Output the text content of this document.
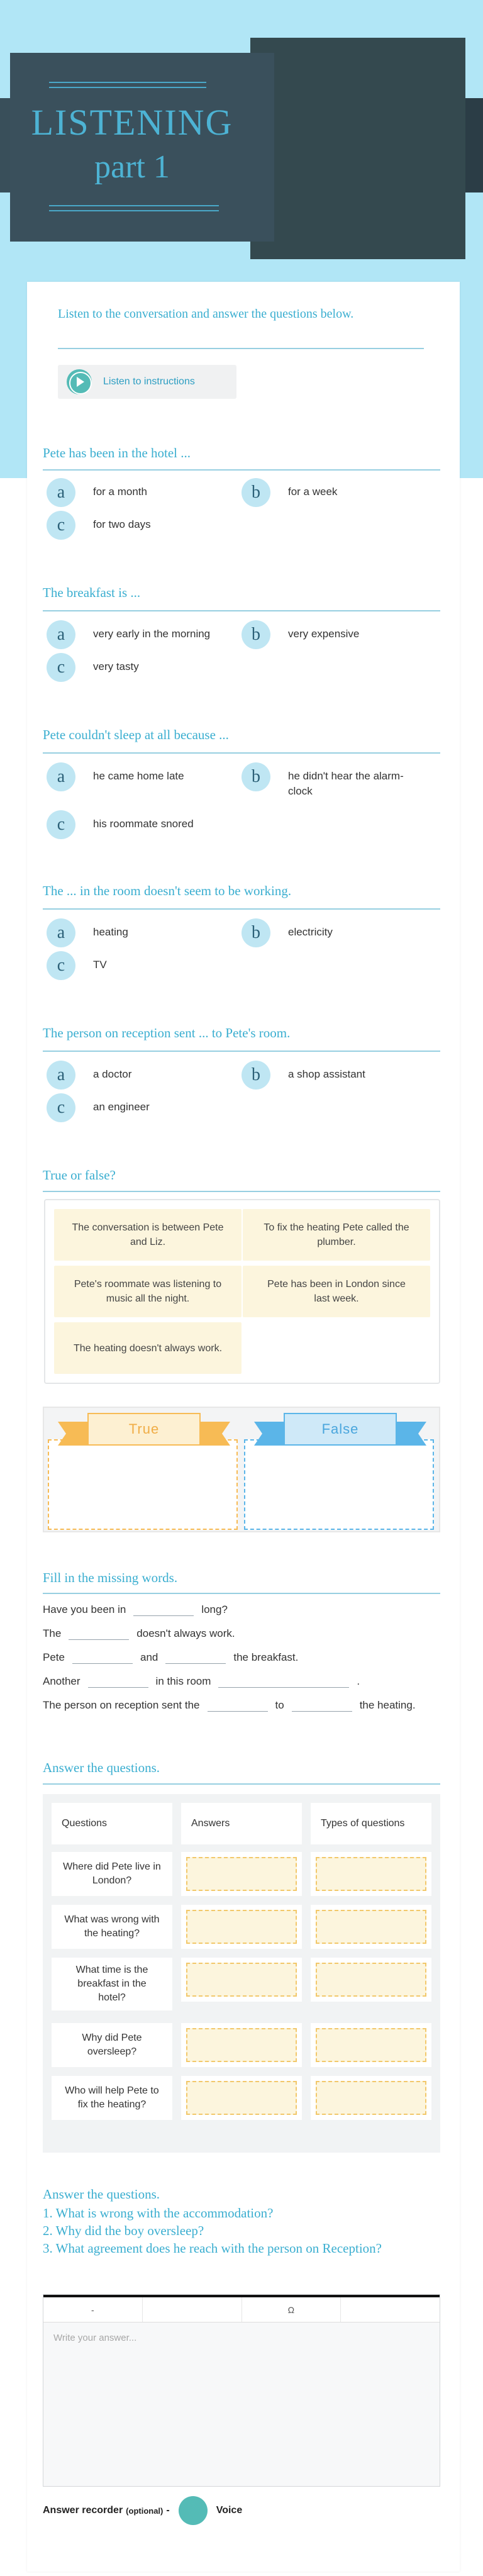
LISTENING
part 1
Listen to the conversation and answer the questions below.
Listen to instructions
Pete has been in the hotel ...
a	for a month	b	for a week
c	for two days
The breakfast is ...
a	very early in the morning	b	very expensive
c	very tasty
Pete couldn't sleep at all because ...
a	he came home late	b	he didn't hear the alarm-clock
c	his roommate snored
The ... in the room doesn't seem to be working.
a	heating	b	electricity
c	TV
The person on reception sent ... to Pete's room.
a	a doctor	b	a shop assistant
c	an engineer
True or false?
The conversation is between Pete and Liz.
To fix the heating Pete called the plumber.
Pete's roommate was listening to music all the night.
Pete has been in London since last week.
The heating doesn't always work.
True	False
Fill in the missing words.
Have you been in	long?
The	doesn't always work.
Pete	and	the breakfast.
Another	in this room	.
The person on reception sent the	to	the heating.
Answer the questions.
Questions	Answers	Types of questions
Where did Pete live in London?
What was wrong with the heating?
What time is the breakfast in the hotel?
Why did Pete oversleep?
Who will help Pete to fix the heating?
Answer the questions.
1. What is wrong with the accommodation?
2. Why did the boy oversleep?
3. What agreement does he reach with the person on Reception?
-	Ω
Write your answer...
Answer recorder (optional) -	Voice
